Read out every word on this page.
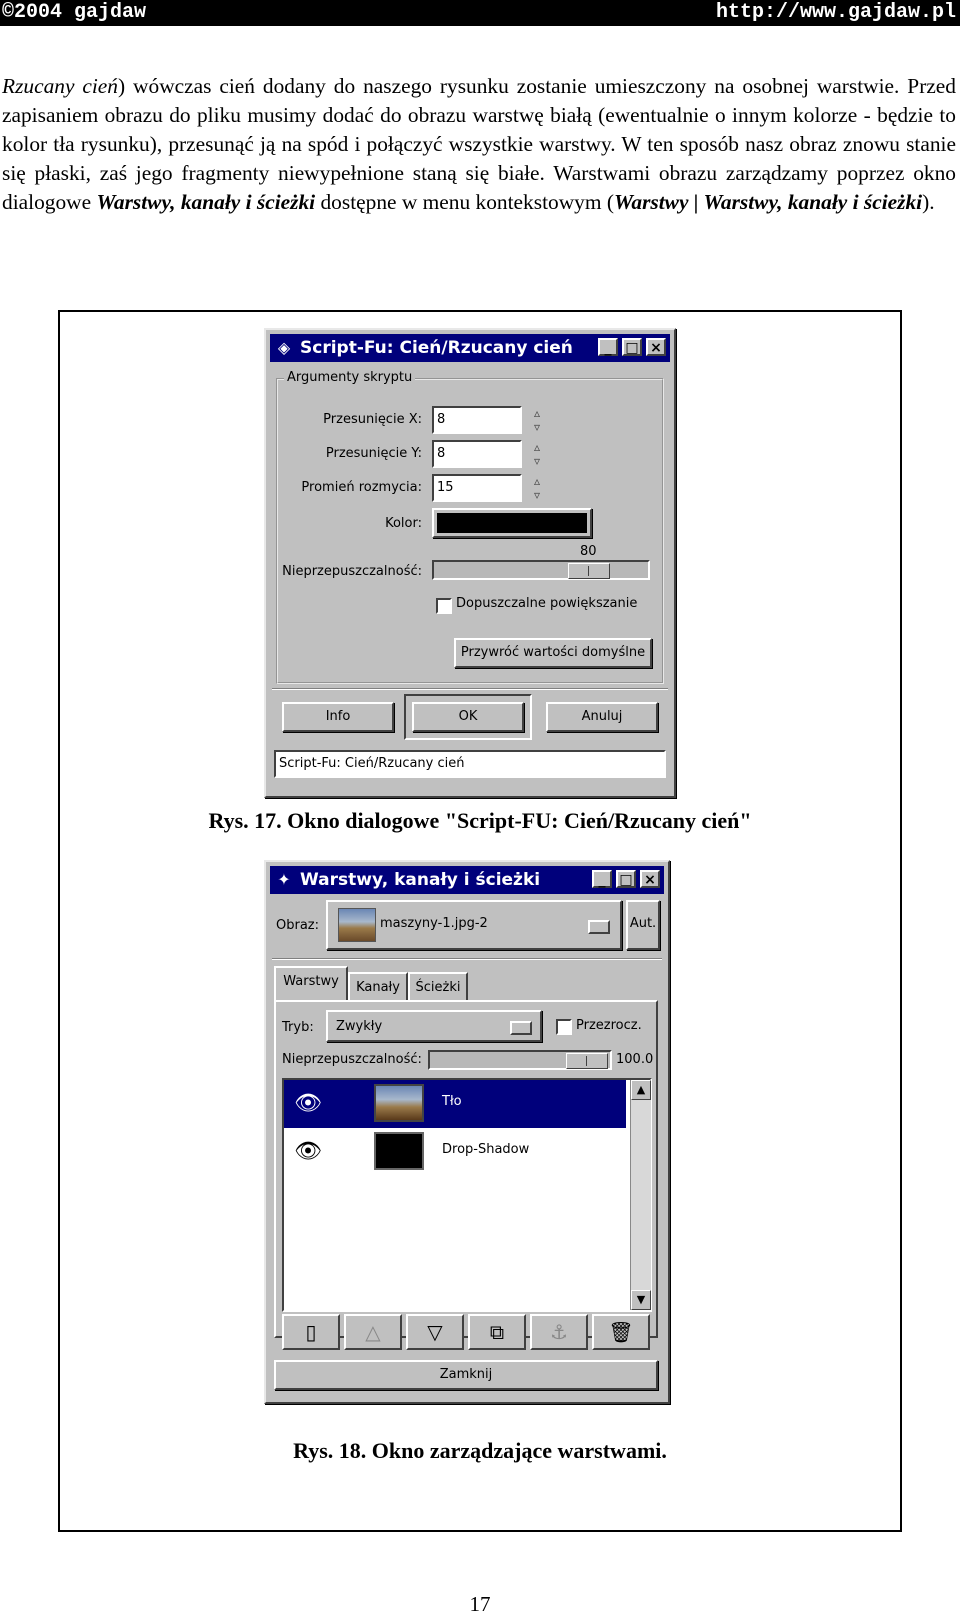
©2004 gajdaw	http://www.gajdaw.pl
Rzucany cień) wówczas cień dodany do naszego rysunku zostanie umieszczony na osobnej warstwie. Przed zapisaniem obrazu do pliku musimy dodać do obrazu warstwę białą (ewentualnie o innym kolorze - będzie to kolor tła rysunku), przesunąć ją na spód i połączyć wszystkie warstwy. W ten sposób nasz obraz znowu stanie się płaski, zaś jego fragmenty niewypełnione staną się białe. Warstwami obrazu zarządzamy poprzez okno dialogowe Warstwy, kanały i ścieżki dostępne w menu kontekstowym (Warstwy | Warstwy, kanały i ścieżki).
◈ Script-Fu: Cień/Rzucany cień	_ □ ×
Argumenty skryptu
Przesunięcie X:	8	▵
▿
Przesunięcie Y:	8	▵
▿
Promień rozmycia:	15	▵
▿
Kolor:
80
Nieprzepuszczalność:
Dopuszczalne powiększanie
Przywróć wartości domyślne
Info	OK	Anuluj
Script-Fu: Cień/Rzucany cień
Rys. 17. Okno dialogowe "Script-FU: Cień/Rzucany cień"
✦ Warstwy, kanały i ścieżki	_ □ ×
Obraz:	maszyny-1.jpg-2	Aut.
Warstwy	Kanały	Ścieżki
Tryb: Zwykły	Przezrocz.
Nieprzepuszczalność:	100.0
👁	Tło
👁	Drop-Shadow
▲
▼
▯	△	▽	⧉	⚓	🗑
Zamknij
Rys. 18. Okno zarządzające warstwami.
17
